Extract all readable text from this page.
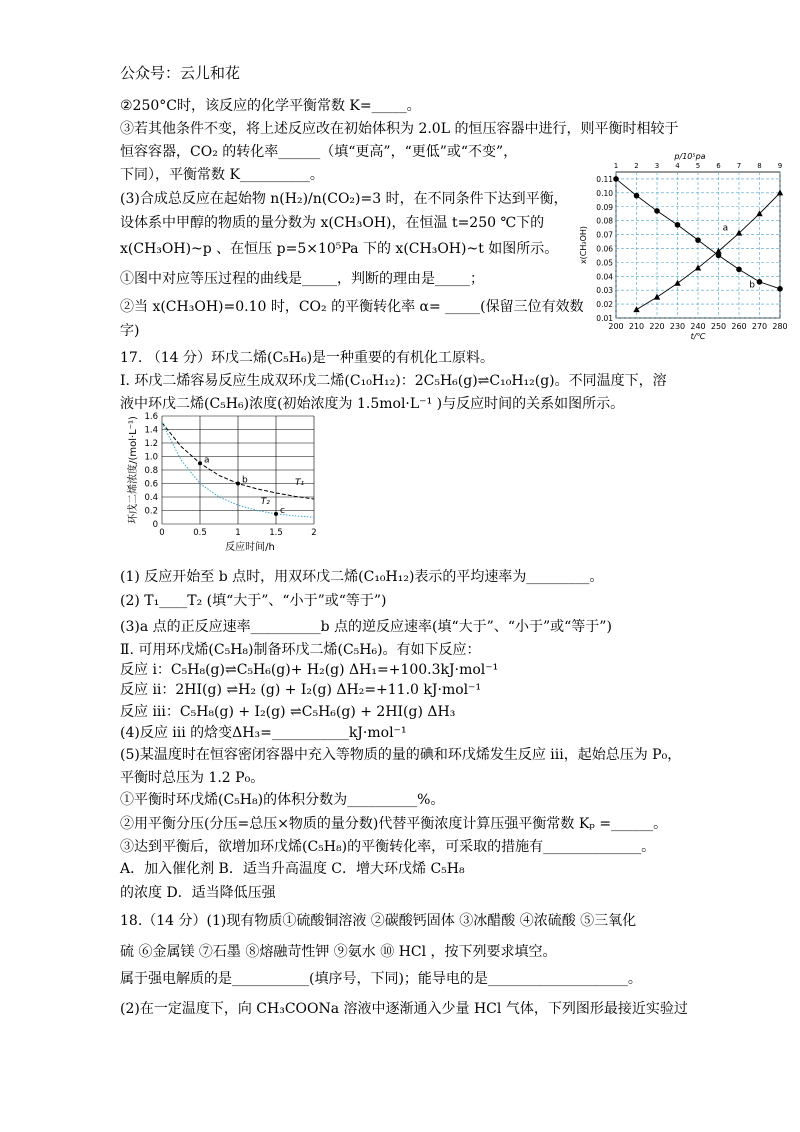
公众号：云儿和花
②250°C时，该反应的化学平衡常数 K=_____。
③若其他条件不变，将上述反应改在初始体积为 2.0L 的恒压容器中进行，则平衡时相较于
恒容容器，CO₂ 的转化率______（填“更高”，“更低”或“不变”，
下同），平衡常数 K__________。
(3)合成总反应在起始物 n(H₂)/n(CO₂)=3 时，在不同条件下达到平衡，
设体系中甲醇的物质的量分数为 x(CH₃OH)，在恒温 t=250 ℃下的
x(CH₃OH)~p 、在恒压 p=5×10⁵Pa 下的 x(CH₃OH)~t 如图所示。
①图中对应等压过程的曲线是_____，判断的理由是_____；
②当 x(CH₃OH)=0.10 时，CO₂ 的平衡转化率 α= _____(保留三位有效数
字)
17. （14 分）环戊二烯(C₅H₆)是一种重要的有机化工原料。
Ⅰ. 环戊二烯容易反应生成双环戊二烯(C₁₀H₁₂)：2C₅H₆(g)⇌C₁₀H₁₂(g)。不同温度下，溶
液中环戊二烯(C₅H₆)浓度(初始浓度为 1.5mol·L⁻¹ )与反应时间的关系如图所示。
(1) 反应开始至 b 点时，用双环戊二烯(C₁₀H₁₂)表示的平均速率为_________。
(2) T₁____T₂ (填“大于”、“小于”或“等于”)
(3)a 点的正反应速率__________b 点的逆反应速率(填“大于”、“小于”或“等于”)
Ⅱ. 可用环戊烯(C₅H₈)制备环戊二烯(C₅H₆)。有如下反应：
反应 i：C₅H₈(g)⇌C₅H₆(g)+ H₂(g) ΔH₁=+100.3kJ·mol⁻¹
反应 ii：2HI(g) ⇌H₂ (g) + I₂(g) ΔH₂=+11.0 kJ·mol⁻¹
反应 iii：C₅H₈(g) + I₂(g) ⇌C₅H₆(g) + 2HI(g) ΔH₃
(4)反应 iii 的焓变ΔH₃=___________kJ·mol⁻¹
(5)某温度时在恒容密闭容器中充入等物质的量的碘和环戊烯发生反应 iii，起始总压为 P₀，
平衡时总压为 1.2 P₀。
①平衡时环戊烯(C₅H₈)的体积分数为__________%。
②用平衡分压(分压=总压×物质的量分数)代替平衡浓度计算压强平衡常数 Kₚ =______。
③达到平衡后，欲增加环戊烯(C₅H₈)的平衡转化率，可采取的措施有______________。
A．加入催化剂 B．适当升高温度 C．增大环戊烯 C₅H₈
的浓度 D．适当降低压强
18.（14 分）(1)现有物质①硫酸铜溶液 ②碳酸钙固体 ③冰醋酸 ④浓硫酸 ⑤三氧化
硫 ⑥金属镁 ⑦石墨 ⑧熔融苛性钾 ⑨氨水 ⑩ HCl ，按下列要求填空。
属于强电解质的是___________(填序号，下同)；能导电的是____________________。
(2)在一定温度下，向 CH₃COONa 溶液中逐渐通入少量 HCl 气体，下列图形最接近实验过
200
1
210
2
220
3
230
4
240
5
250
6
260
7
270
8
280
9
0.01
0.02
0.03
0.04
0.05
0.06
0.07
0.08
0.09
0.10
0.11
t/℃
p/10⁵pa
x(CH₃OH)	a
b
0
0.2
0.4
0.6
0.8
1.0
1.2
1.4
1.6
0	0.5	1	1.5	2
反应时间/h
环戊二烯浓度/(mol·L⁻¹)	a
b
c
T₁
T₂
